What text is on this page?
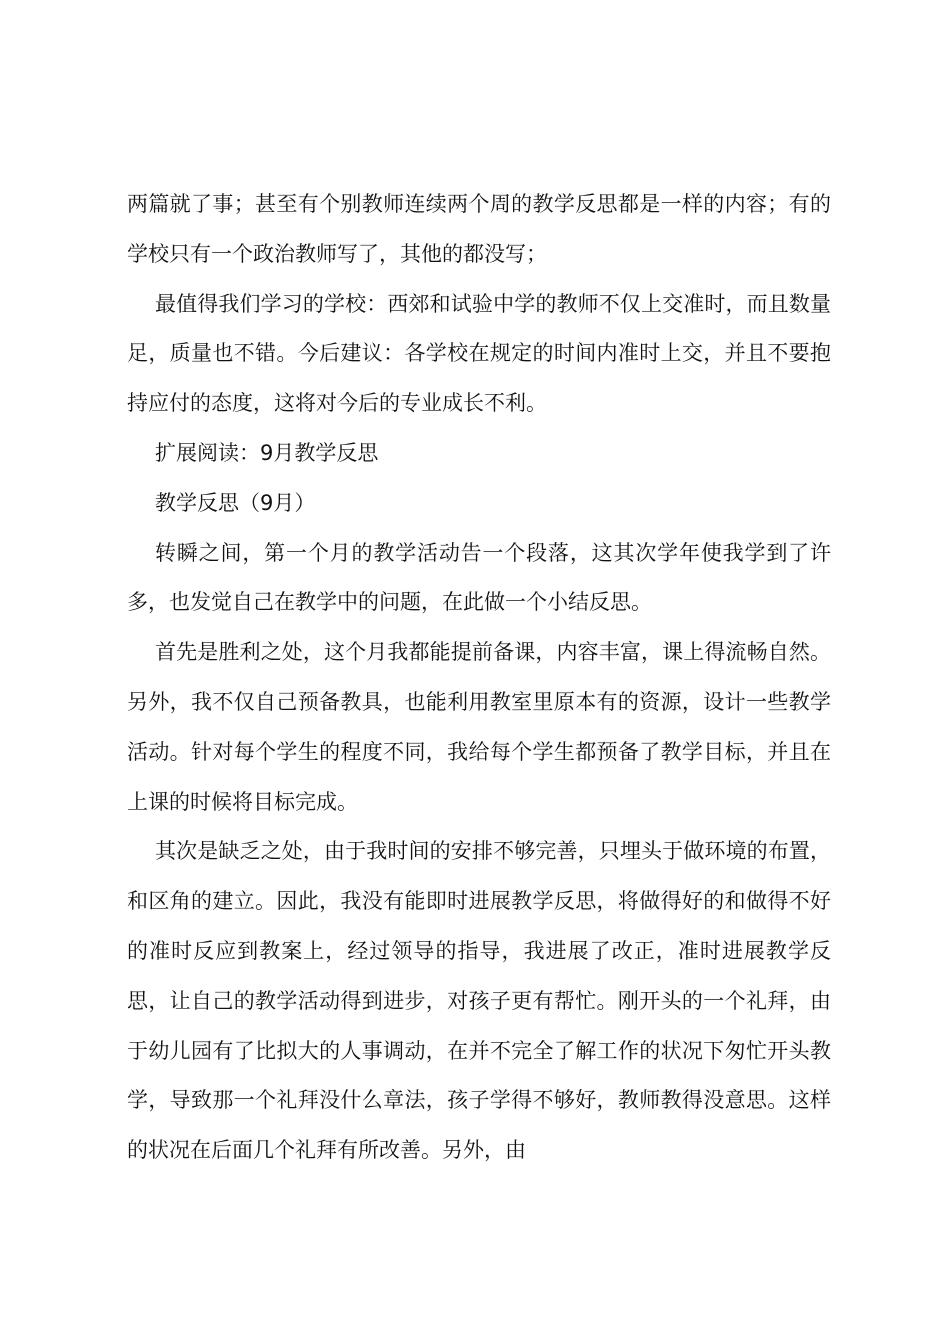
两篇就了事；甚至有个别教师连续两个周的教学反思都是一样的内容；有的学校只有一个政治教师写了，其他的都没写；

最值得我们学习的学校：西郊和试验中学的教师不仅上交准时，而且数量足，质量也不错。今后建议：各学校在规定的时间内准时上交，并且不要抱持应付的态度，这将对今后的专业成长不利。

扩展阅读：9月教学反思

教学反思（9月）

转瞬之间，第一个月的教学活动告一个段落，这其次学年使我学到了许多，也发觉自己在教学中的问题，在此做一个小结反思。

首先是胜利之处，这个月我都能提前备课，内容丰富，课上得流畅自然。另外，我不仅自己预备教具，也能利用教室里原本有的资源，设计一些教学活动。针对每个学生的程度不同，我给每个学生都预备了教学目标，并且在上课的时候将目标完成。

其次是缺乏之处，由于我时间的安排不够完善，只埋头于做环境的布置，和区角的建立。因此，我没有能即时进展教学反思，将做得好的和做得不好的准时反应到教案上，经过领导的指导，我进展了改正，准时进展教学反思，让自己的教学活动得到进步，对孩子更有帮忙。刚开头的一个礼拜，由于幼儿园有了比拟大的人事调动，在并不完全了解工作的状况下匆忙开头教学，导致那一个礼拜没什么章法，孩子学得不够好，教师教得没意思。这样的状况在后面几个礼拜有所改善。另外，由
